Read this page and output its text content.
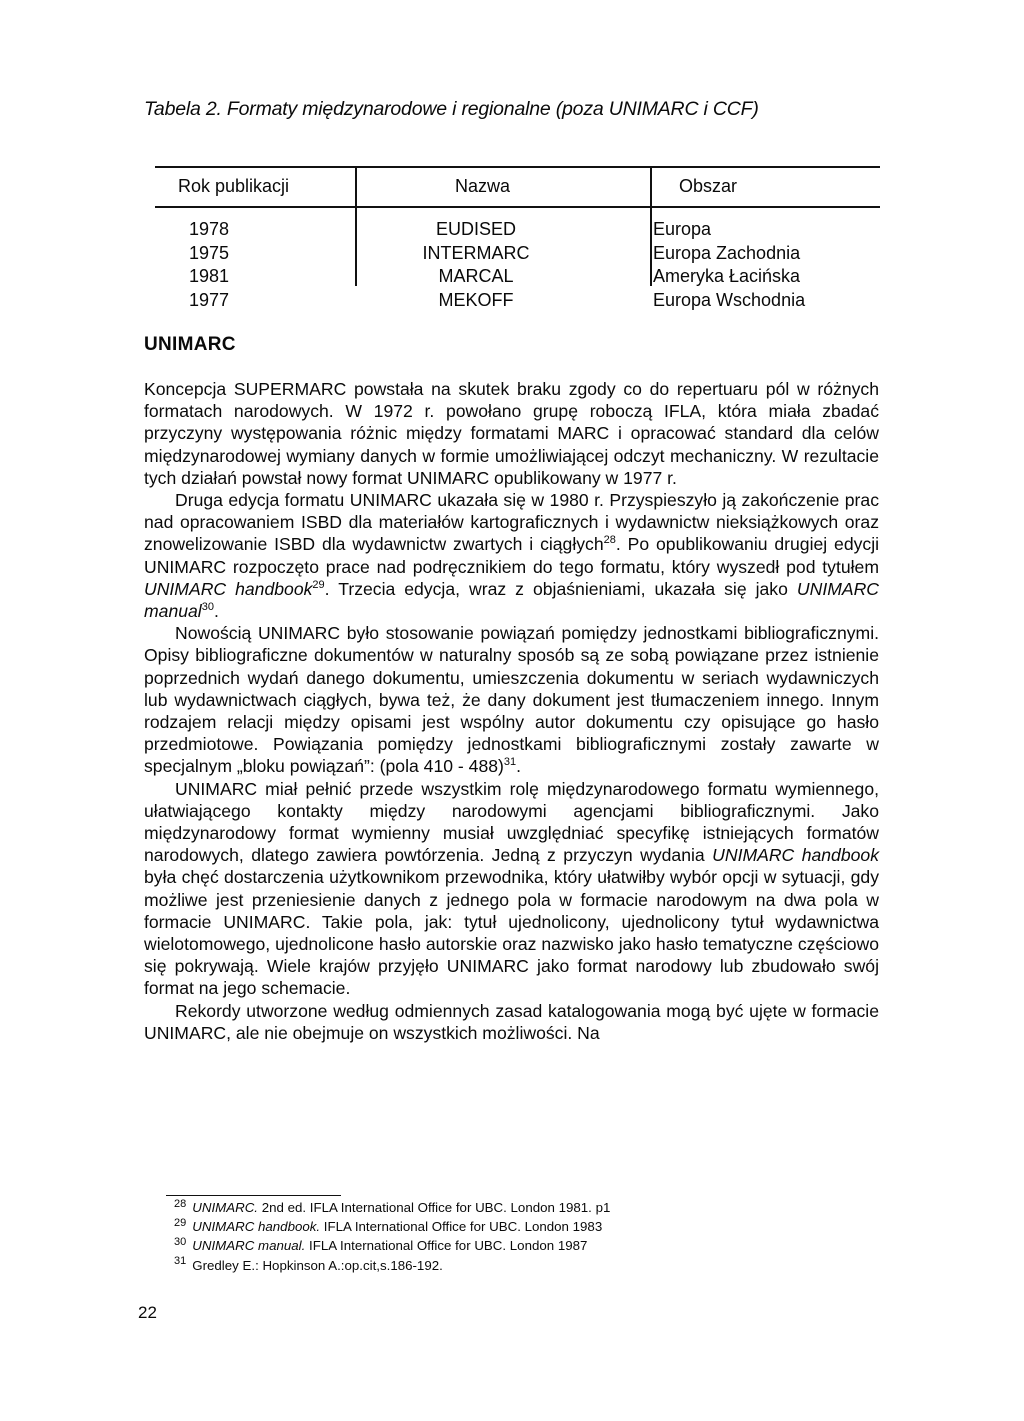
Tabela 2. Formaty międzynarodowe i regionalne (poza UNIMARC i CCF)
Rok publikacji	Nazwa	Obszar
1978
1975
1981
1977
EUDISED
INTERMARC
MARCAL
MEKOFF
Europa
Europa Zachodnia
Ameryka Łacińska
Europa Wschodnia
UNIMARC

Koncepcja SUPERMARC powstała na skutek braku zgody co do repertuaru pól w różnych formatach narodowych. W 1972 r. powołano grupę roboczą IFLA, która miała zbadać przyczyny występowania różnic między formatami MARC i opracować standard dla celów międzynarodowej wymiany danych w formie umożliwiającej odczyt mechaniczny. W rezultacie tych działań powstał nowy format UNIMARC opublikowany w 1977 r.

Druga edycja formatu UNIMARC ukazała się w 1980 r. Przyspieszyło ją zakończenie prac nad opracowaniem ISBD dla materiałów kartograficznych i wydawnictw nieksiążkowych oraz znowelizowanie ISBD dla wydawnictw zwartych i ciągłych$^{28}$. Po opublikowaniu drugiej edycji UNIMARC rozpoczęto prace nad podręcznikiem do tego formatu, który wyszedł pod tytułem UNIMARC handbook$^{29}$. Trzecia edycja, wraz z objaśnieniami, ukazała się jako UNIMARC manual$^{30}$.

Nowością UNIMARC było stosowanie powiązań pomiędzy jednostkami bibliograficznymi. Opisy bibliograficzne dokumentów w naturalny sposób są ze sobą powiązane przez istnienie poprzednich wydań danego dokumentu, umieszczenia dokumentu w seriach wydawniczych lub wydawnictwach ciągłych, bywa też, że dany dokument jest tłumaczeniem innego. Innym rodzajem relacji między opisami jest wspólny autor dokumentu czy opisujące go hasło przedmiotowe. Powiązania pomiędzy jednostkami bibliograficznymi zostały zawarte w specjalnym „bloku powiązań”: (pola 410 - 488)$^{31}$.

UNIMARC miał pełnić przede wszystkim rolę międzynarodowego formatu wymiennego, ułatwiającego kontakty między narodowymi agencjami bibliograficznymi. Jako międzynarodowy format wymienny musiał uwzględniać specyfikę istniejących formatów narodowych, dlatego zawiera powtórzenia. Jedną z przyczyn wydania UNIMARC handbook była chęć dostarczenia użytkownikom przewodnika, który ułatwiłby wybór opcji w sytuacji, gdy możliwe jest przeniesienie danych z jednego pola w formacie narodowym na dwa pola w formacie UNIMARC. Takie pola, jak: tytuł ujednolicony, ujednolicony tytuł wydawnictwa wielotomowego, ujednolicone hasło autorskie oraz nazwisko jako hasło tematyczne częściowo się pokrywają. Wiele krajów przyjęło UNIMARC jako format narodowy lub zbudowało swój format na jego schemacie.

Rekordy utworzone według odmiennych zasad katalogowania mogą być ujęte w formacie UNIMARC, ale nie obejmuje on wszystkich możliwości. Na

$^{28}$ UNIMARC. 2nd ed. IFLA International Office for UBC. London 1981. p1
$^{29}$ UNIMARC handbook. IFLA International Office for UBC. London 1983
$^{30}$ UNIMARC manual. IFLA International Office for UBC. London 1987
$^{31}$ Gredley E.: Hopkinson A.:op.cit,s.186-192.
22
